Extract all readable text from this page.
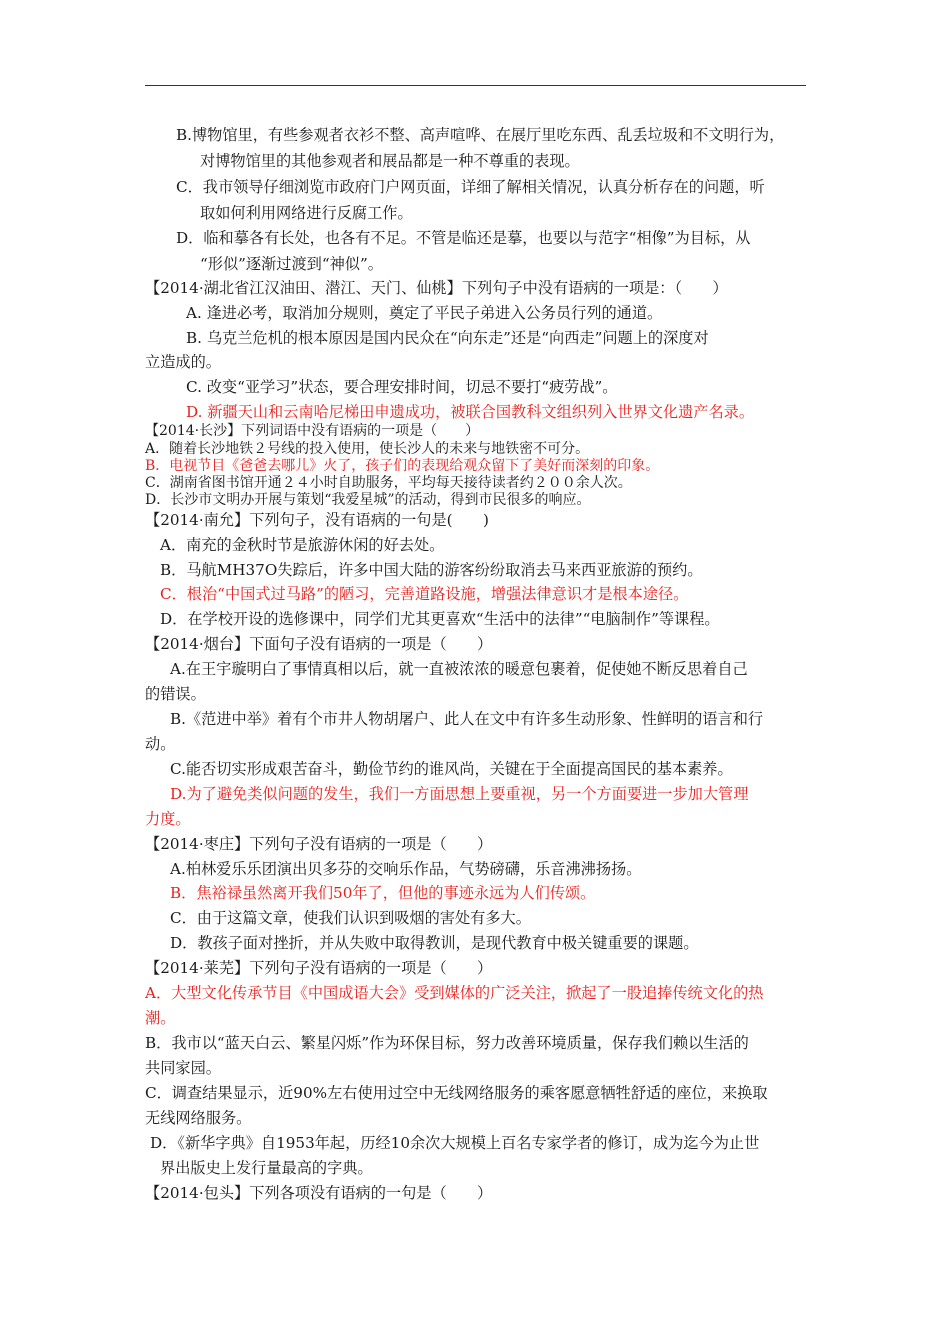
B.博物馆里，有些参观者衣衫不整、高声喧哗、在展厅里吃东西、乱丢垃圾和不文明行为，
对博物馆里的其他参观者和展品都是一种不尊重的表现。
C．我市领导仔细浏览市政府门户网页面，详细了解相关情况，认真分析存在的问题，听
取如何利用网络进行反腐工作。
D．临和摹各有长处，也各有不足。不管是临还是摹，也要以与范字“相像”为目标，从
“形似”逐渐过渡到“神似”。
【2014·湖北省江汉油田、潜江、天门、仙桃】下列句子中没有语病的一项是：（　　）
A. 逢进必考，取消加分规则，奠定了平民子弟进入公务员行列的通道。
B. 乌克兰危机的根本原因是国内民众在“向东走”还是“向西走”问题上的深度对
立造成的。
C. 改变“亚学习”状态，要合理安排时间，切忌不要打“疲劳战”。
D. 新疆天山和云南哈尼梯田申遗成功，被联合国教科文组织列入世界文化遗产名录。
【2014·长沙】下列词语中没有语病的一项是（　　）
A．随着长沙地铁２号线的投入使用，使长沙人的未来与地铁密不可分。
B．电视节目《爸爸去哪儿》火了，孩子们的表现给观众留下了美好而深刻的印象。
C．湖南省图书馆开通２４小时自助服务，平均每天接待读者约２００余人次。
D．长沙市文明办开展与策划“我爱星城”的活动，得到市民很多的响应。
【2014·南允】下列句子，没有语病的一句是(　　)
A．南充的金秋时节是旅游休闲的好去处。
B．马航MH37O失踪后，许多中国大陆的游客纷纷取消去马来西亚旅游的预约。
C．根治“中国式过马路”的陋习，完善道路设施，增强法律意识才是根本途径。
D．在学校开设的选修课中，同学们尤其更喜欢“生活中的法律”“电脑制作”等课程。
【2014·烟台】下面句子没有语病的一项是（　　）
A.在王宇璇明白了事情真相以后，就一直被浓浓的暖意包裹着，促使她不断反思着自己
的错误。
B.《范进中举》着有个市井人物胡屠户、此人在文中有许多生动形象、性鲜明的语言和行
动。
C.能否切实形成艰苦奋斗，勤俭节约的谁风尚，关键在于全面提高国民的基本素养。
D.为了避免类似问题的发生，我们一方面思想上要重视，另一个方面要进一步加大管理
力度。
【2014·枣庄】下列句子没有语病的一项是（　　）
A.柏林爱乐乐团演出贝多芬的交响乐作品，气势磅礴，乐音沸沸扬扬。
B．焦裕禄虽然离开我们50年了，但他的事迹永远为人们传颂。
C．由于这篇文章，使我们认识到吸烟的害处有多大。
D．教孩子面对挫折，并从失败中取得教训，是现代教育中极关键重要的课题。
【2014·莱芜】下列句子没有语病的一项是（　　）
A．大型文化传承节目《中国成语大会》受到媒体的广泛关注，掀起了一股追捧传统文化的热
潮。
B．我市以“蓝天白云、繁星闪烁”作为环保目标，努力改善环境质量，保存我们赖以生活的
共同家园。
C．调查结果显示，近90%左右使用过空中无线网络服务的乘客愿意牺牲舒适的座位，来换取
无线网络服务。
D．《新华字典》自1953年起，历经10余次大规模上百名专家学者的修订，成为迄今为止世
界出版史上发行量最高的字典。
【2014·包头】下列各项没有语病的一句是（　　）
